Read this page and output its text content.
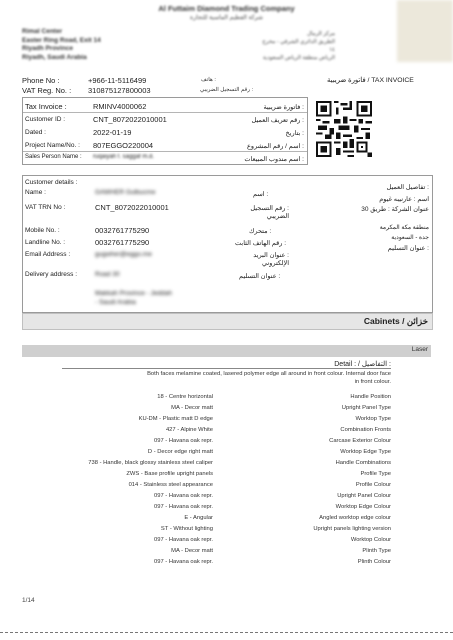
Al Futtaim Diamond Trading Company
شركة الفطيم الماسية للتجارة
Rimal Center
Easter Ring Road, Exit 14
Riyadh Province
Riyadh, Saudi Arabia
مركز الرمال
الطريق الدائري الشرقي - مخرج ١٤
الرياض منطقة الرياض السعودية
Phone No :	+966-11-5116499	هاتف :
VAT Reg. No. : 310875127800003	رقم التسجيل الضريبي :
فاتورة ضريبية / TAX INVOICE
Tax Invoice :	RMINV4000062	فاتورة ضريبية :
Customer ID :	CNT_8072022010001	رقم تعريف العميل :
Dated :	2022-01-19	بتاريخ :
Project Name/No. : 807EGGO220004	اسم / رقم المشروع :
Sales Person Name : ruqaiyah f. saggaf m.d.	اسم مندوب المبيعات :
Customer details :
Name :	GAWHER Gulbucme	اسم :
VAT TRN No :	CNT_8072022010001	رقم التسجيل :
الضريبي
Mobile No. :	0032761775290	متحرك :
Landline No. :	0032761775290	رقم الهاتف الثابت :
Email Address :	gugwher@eggo.me	عنوان البريد :
الإلكتروني
Delivery address :	Road 30
Makkah Province - Jeddah
- Saudi Arabia
عنوان التسليم :
تفاصيل العميل :
اسم : عارنيبه غيوم
عنوان الشركة : طريق 30
منطقة مكة المكرمة
جدة - السعودية
عنوان التسليم :
Cabinets / خزائن
Laser
Detail : / التفاصيل :
Both faces melamine coated, lasered polymer edge all around in front colour. Internal door face
in front colour.
18 - Centre horizontal	Handle Position
MA - Decor matt	Upright Panel Type
KU-DM - Plastic matt D edge	Worktop Type
427 - Alpine White	Combination Fronts
097 - Havana oak repr.	Carcase Exterior Colour
D - Decor edge right matt	Worktop Edge Type
738 - Handle, black glossy stainless steel caliper	Handle Combinations
ZWS - Base profile upright panels	Profile Type
014 - Stainless steel appearance	Profile Colour
097 - Havana oak repr.	Upright Panel Colour
097 - Havana oak repr.	Worktop Edge Colour
E - Angular	Angled worktop edge colour
ST - Without lighting	Upright panels lighting version
097 - Havana oak repr.	Worktop Colour
MA - Decor matt	Plinth Type
097 - Havana oak repr.	Plinth Colour
1/14
